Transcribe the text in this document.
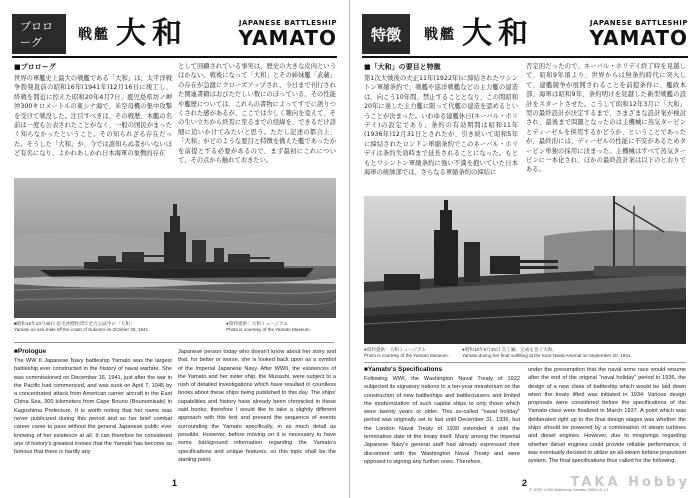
プロローグ	戦艦 大和	JAPANESE BATTLESHIP
YAMATO
■プロローグ
世界の軍艦史上最大の戦艦である「大和」は、太平洋戦争勃発直前の昭和16年(1941年)12月16日に竣工し、終戦を間近に控えた昭和20年4月7日、鹿児島県坊ノ岬沖300キロメートルの東シナ海で、米空母機の集中攻撃を受けて戦没した。注目すべきは、その戦歴、本艦の名前は一度も公表されたことがなく、一般の国民がまったく知らなかったということ。その知られざる存在だった。そうした「大和」が、今では誰知らぬ者がいないほど有名になり、よかれあしかれ日本海軍の象徴的存在
として回顧されている事実は、歴史の大きな皮肉というほかない。戦後になって「大和」とその姉妹艦「武蔵」の存在が急激にクローズアップされ、今日まで刊行された関連書籍はおびただしい数にのぼっている。その性能や艦歴については、これらの書物によってすでに語りつくされた感があるが、ここでは少しく趣向を変えて、その生い立ちから終焉に至るまでの経緯を、できるだけ詳細に追いかけてみたいと思う。ただし記述の都合上、「大和」がどのような要目と特徴を備えた艦であったかを前提とする必要があるので、まず最初にこれについて、その点から触れておきたい。
■昭和16年10月30日 宿毛沖標柱間で全力公試中の「大和」
Yamato on sea trials off the coast of Sukumo on October 30, 1941.
●資料提供：大和ミュージアム
Photo is courtesy of the Yamato Museum.
■Prologue
The WW II Japanese Navy battleship Yamato was the largest battleship ever constructed in the history of naval warfare. She was commissioned on December 16, 1941, just after the war in the Pacific had commenced, and was sunk on April 7, 1945 by a concentrated attack from American carrier aircraft in the East China Sea, 300 kilometers from Cape Bouno (Bounomisaki) in Kagoshima Prefecture. It is worth noting that her name was never publicized during this period and so her brief combat career came to pass without the general Japanese public ever knowing of her existence at all. It can therefore be considered one of history's greatest ironies that the Yamato has become so famous that there is hardly any
Japanese person today who doesn't know about her story and that, for better or worse, she is looked back upon as a symbol of the Imperial Japanese Navy. After WWII, the existences of the Yamato and her sister ship, the Musashi, were subject to a rush of detailed investigations which have resulted in countless books about these ships being published to this day. The ships' capabilities and history have already been chronicled in these said books; therefore I would like to take a slightly different approach with this text and present the sequence of events surrounding the Yamato specifically, in as much detail as possible. However, before moving on it is necessary to have some background information regarding the Yamato's specifications and unique features, so this topic shall be the starting point.
1
特徴	戦艦 大和	JAPANESE BATTLESHIP
YAMATO
■「大和」の要目と特徴
第1次大戦後の大正11年(1922年)に締結されたワシントン軍縮条約で、戦艦や巡洋戦艦などの主力艦の建造は、向こう10年間、禁止することとなり、この間昭和20年に達した主力艦に限って代艦の建造を認めるということが決まった。いわゆる建艦休日(ネーバル・ホリデイ)の設定であり、条約の有効期間は昭和11年(1936年)12月31日とされたが、引き続いて昭和5年に締結されたロンドン軍縮条約でこのネーバル・ホリデイは条約失効時まで延長されることになった。もともとワシントン軍縮条約に強い不満を抱いていた日本海軍の統帥部では、さらなる軍縮条約の締結に
否定的だったので、ネーバル・ホリデイ終了時を見越して、昭和9年頃より、世界からは無条約時代に突入して、建艦競争が展開されることを前提条件に、艦政本部、海軍は昭和9年、条約明けを見越した新型戦艦の設計をスタートさせた。こうして昭和12年3月に「大和」型の最終設計が決定するまで、さまざまな設計案が検討され、最後まで問題となったのは主機械に蒸気タービンとディーゼルを併用するかどうか、ということであったが、最終的には、ディーゼルの性能に不安があるためタービン単独の採用に決まった。主機械はすべて蒸気タービンに一本化され、ほかの最終設計案は以下のとおりである。
●資料提供：大和ミュージアム
Photo is courtesy of the Yamato Museum.
●昭和16年9月20日 呉工廠、完成を急ぐ大和。
Yamato during her final outfitting at the Kure Naval Arsenal on September 20, 1941.
■Yamato's Specifications
Following WWI, the Washington Naval Treaty of 1922 subjected its signatory nations to a ten-year moratorium on the construction of new battleships and battlecruisers and limited the modernization of such capital ships to only those which were twenty years or older. This so-called "naval holiday" period was originally set to last until December 31, 1936, but the London Naval Treaty of 1930 extended it until the termination date of the treaty itself. Many among the Imperial Japanese Navy's general staff had already expressed their discontent with the Washington Naval Treaty and were opposed to signing any further ones. Therefore,
under the presumption that the naval arms race would resume after the end of the original "naval holiday" period in 1936, the design of a new class of battleship which would be laid down when the treaty lifted was initiated in 1934. Various design proposals were considered before the specifications of the Yamato-class were finalized in March 1937. A point which was deliberated right up to the final design stages was whether the ships should be powered by a combination of steam turbines and diesel engines. However, due to misgivings regarding whether diesel engines could provide reliable performance, it was eventually decided to utilize an all-steam turbine propulsion system. The final specifications thus called for the following:
2
© 2009 1/250 Battleship Yamato 2009-10-13
TAKA Hobby
